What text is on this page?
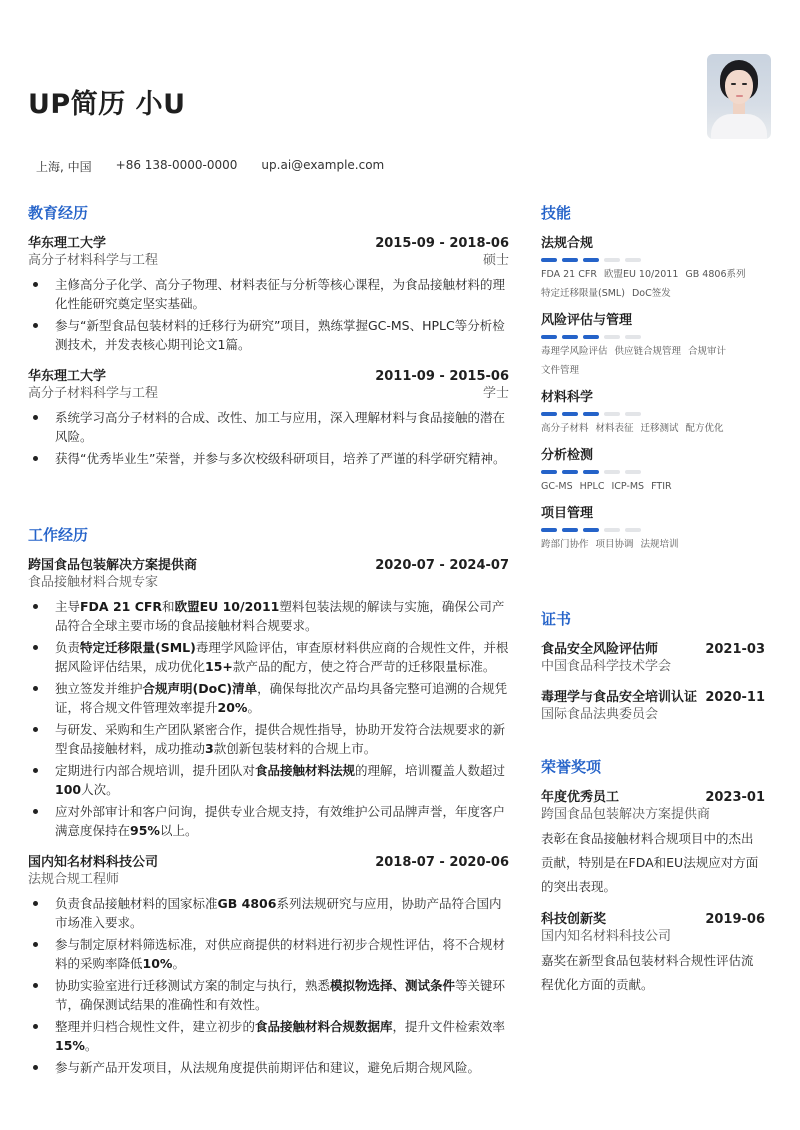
UP简历 小U
上海, 中国 +86 138-0000-0000 up.ai@example.com
教育经历
华东理工大学	2015-09 - 2018-06
高分子材料科学与工程	硕士
主修高分子化学、高分子物理、材料表征与分析等核心课程，为食品接触材料的理化性能研究奠定坚实基础。
参与“新型食品包装材料的迁移行为研究”项目，熟练掌握GC-MS、HPLC等分析检测技术，并发表核心期刊论文1篇。
华东理工大学	2011-09 - 2015-06
高分子材料科学与工程	学士
系统学习高分子材料的合成、改性、加工与应用，深入理解材料与食品接触的潜在风险。
获得“优秀毕业生”荣誉，并参与多次校级科研项目，培养了严谨的科学研究精神。
工作经历
跨国食品包装解决方案提供商	2020-07 - 2024-07
食品接触材料合规专家
主导FDA 21 CFR和欧盟EU 10/2011塑料包装法规的解读与实施，确保公司产品符合全球主要市场的食品接触材料合规要求。
负责特定迁移限量(SML)毒理学风险评估，审查原材料供应商的合规性文件，并根据风险评估结果，成功优化15+款产品的配方，使之符合严苛的迁移限量标准。
独立签发并维护合规声明(DoC)清单，确保每批次产品均具备完整可追溯的合规凭证，将合规文件管理效率提升20%。
与研发、采购和生产团队紧密合作，提供合规性指导，协助开发符合法规要求的新型食品接触材料，成功推动3款创新包装材料的合规上市。
定期进行内部合规培训，提升团队对食品接触材料法规的理解，培训覆盖人数超过100人次。
应对外部审计和客户问询，提供专业合规支持，有效维护公司品牌声誉，年度客户满意度保持在95%以上。
国内知名材料科技公司	2018-07 - 2020-06
法规合规工程师
负责食品接触材料的国家标准GB 4806系列法规研究与应用，协助产品符合国内市场准入要求。
参与制定原材料筛选标准，对供应商提供的材料进行初步合规性评估，将不合规材料的采购率降低10%。
协助实验室进行迁移测试方案的制定与执行，熟悉模拟物选择、测试条件等关键环节，确保测试结果的准确性和有效性。
整理并归档合规性文件，建立初步的食品接触材料合规数据库，提升文件检索效率15%。
参与新产品开发项目，从法规角度提供前期评估和建议，避免后期合规风险。
技能
法规合规
FDA 21 CFR 欧盟EU 10/2011 GB 4806系列
特定迁移限量(SML) DoC签发
风险评估与管理
毒理学风险评估 供应链合规管理 合规审计
文件管理
材料科学
高分子材料 材料表征 迁移测试 配方优化
分析检测
GC-MS HPLC ICP-MS FTIR
项目管理
跨部门协作 项目协调 法规培训
证书
食品安全风险评估师	2021-03
中国食品科学技术学会
毒理学与食品安全培训认证 2020-11
国际食品法典委员会
荣誉奖项
年度优秀员工	2023-01
跨国食品包装解决方案提供商
表彰在食品接触材料合规项目中的杰出贡献，特别是在FDA和EU法规应对方面的突出表现。
科技创新奖	2019-06
国内知名材料科技公司
嘉奖在新型食品包装材料合规性评估流程优化方面的贡献。
